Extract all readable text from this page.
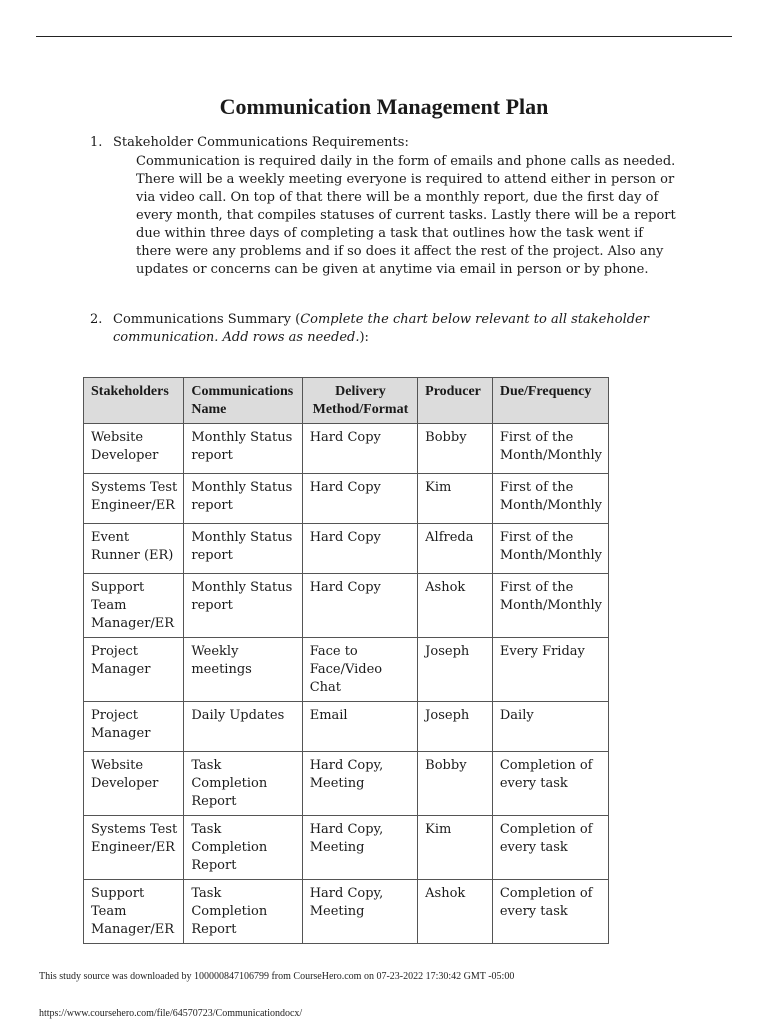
Communication Management Plan
1. Stakeholder Communications Requirements:
Communication is required daily in the form of emails and phone calls as needed. There will be a weekly meeting everyone is required to attend either in person or via video call. On top of that there will be a monthly report, due the first day of every month, that compiles statuses of current tasks. Lastly there will be a report due within three days of completing a task that outlines how the task went if there were any problems and if so does it affect the rest of the project. Also any updates or concerns can be given at anytime via email in person or by phone.
2. Communications Summary (Complete the chart below relevant to all stakeholder communication. Add rows as needed.):
Stakeholders	Communications Name	Delivery Method/Format	Producer	Due/Frequency
Website Developer	Monthly Status report	Hard Copy	Bobby	First of the Month/Monthly
Systems Test Engineer/ER	Monthly Status report	Hard Copy	Kim	First of the Month/Monthly
Event Runner (ER)	Monthly Status report	Hard Copy	Alfreda	First of the Month/Monthly
Support Team Manager/ER	Monthly Status report	Hard Copy	Ashok	First of the Month/Monthly
Project Manager	Weekly meetings	Face to Face/Video Chat	Joseph	Every Friday
Project Manager	Daily Updates	Email	Joseph	Daily
Website Developer	Task Completion Report	Hard Copy, Meeting	Bobby	Completion of every task
Systems Test Engineer/ER	Task Completion Report	Hard Copy, Meeting	Kim	Completion of every task
Support Team Manager/ER	Task Completion Report	Hard Copy, Meeting	Ashok	Completion of every task
This study source was downloaded by 100000847106799 from CourseHero.com on 07-23-2022 17:30:42 GMT -05:00
https://www.coursehero.com/file/64570723/Communicationdocx/
